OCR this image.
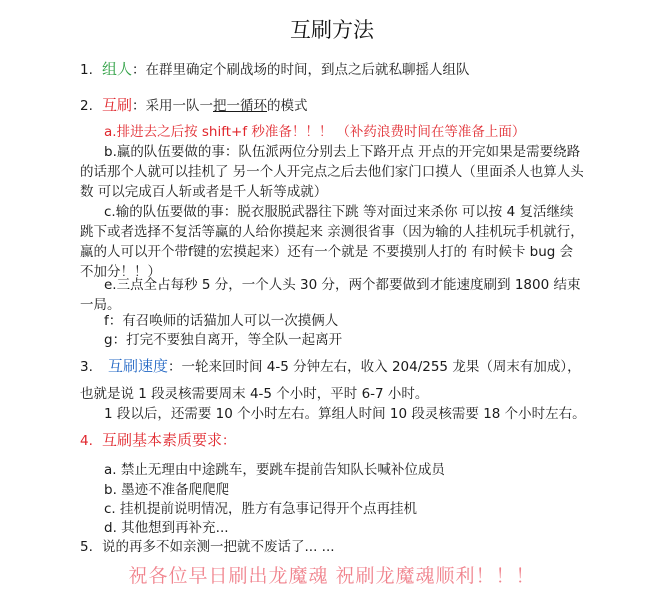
互刷方法
1. 组人：在群里确定个刷战场的时间，到点之后就私聊摇人组队
2. 互刷：采用一队一把一循环的模式
a.排进去之后按 shift+f 秒准备！！！ （补药浪费时间在等准备上面）
b.赢的队伍要做的事：队伍派两位分别去上下路开点 开点的开完如果是需要绕路的话那个人就可以挂机了 另一个人开完点之后去他们家门口摸人（里面杀人也算人头数 可以完成百人斩或者是千人斩等成就）
c.输的队伍要做的事：脱衣服脱武器往下跳 等对面过来杀你 可以按 4 复活继续跳下或者选择不复活等赢的人给你摸起来 亲测很省事（因为输的人挂机玩手机就行，赢的人可以开个带f键的宏摸起来）还有一个就是 不要摸别人打的 有时候卡 bug 会不加分！！）
e.三点全占每秒 5 分，一个人头 30 分，两个都要做到才能速度刷到 1800 结束一局。
f：有召唤师的话猫加人可以一次摸俩人
g：打完不要独自离开，等全队一起离开
3. 互刷速度：一轮来回时间 4-5 分钟左右，收入 204/255 龙果（周末有加成），
也就是说 1 段灵核需要周末 4-5 个小时，平时 6-7 小时。
1 段以后，还需要 10 个小时左右。算组人时间 10 段灵核需要 18 个小时左右。
4. 互刷基本素质要求：
a. 禁止无理由中途跳车，要跳车提前告知队长喊补位成员
b. 墨迹不准备爬爬爬
c. 挂机提前说明情况，胜方有急事记得开个点再挂机
d. 其他想到再补充...
5. 说的再多不如亲测一把就不废话了... ...
祝各位早日刷出龙魔魂 祝刷龙魔魂顺利！！！
